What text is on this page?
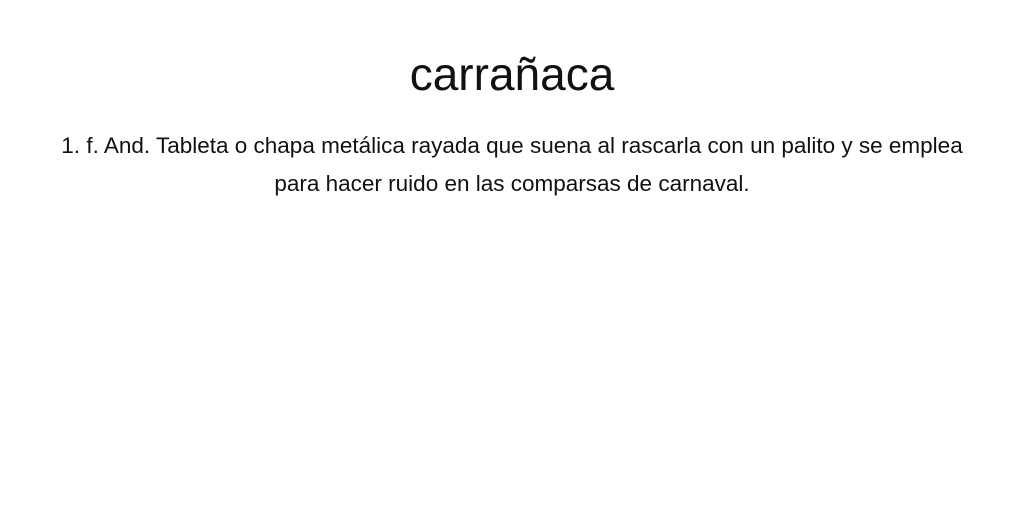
carrañaca

1. f. And. Tableta o chapa metálica rayada que suena al rascarla con un palito y se emplea para hacer ruido en las comparsas de carnaval.
